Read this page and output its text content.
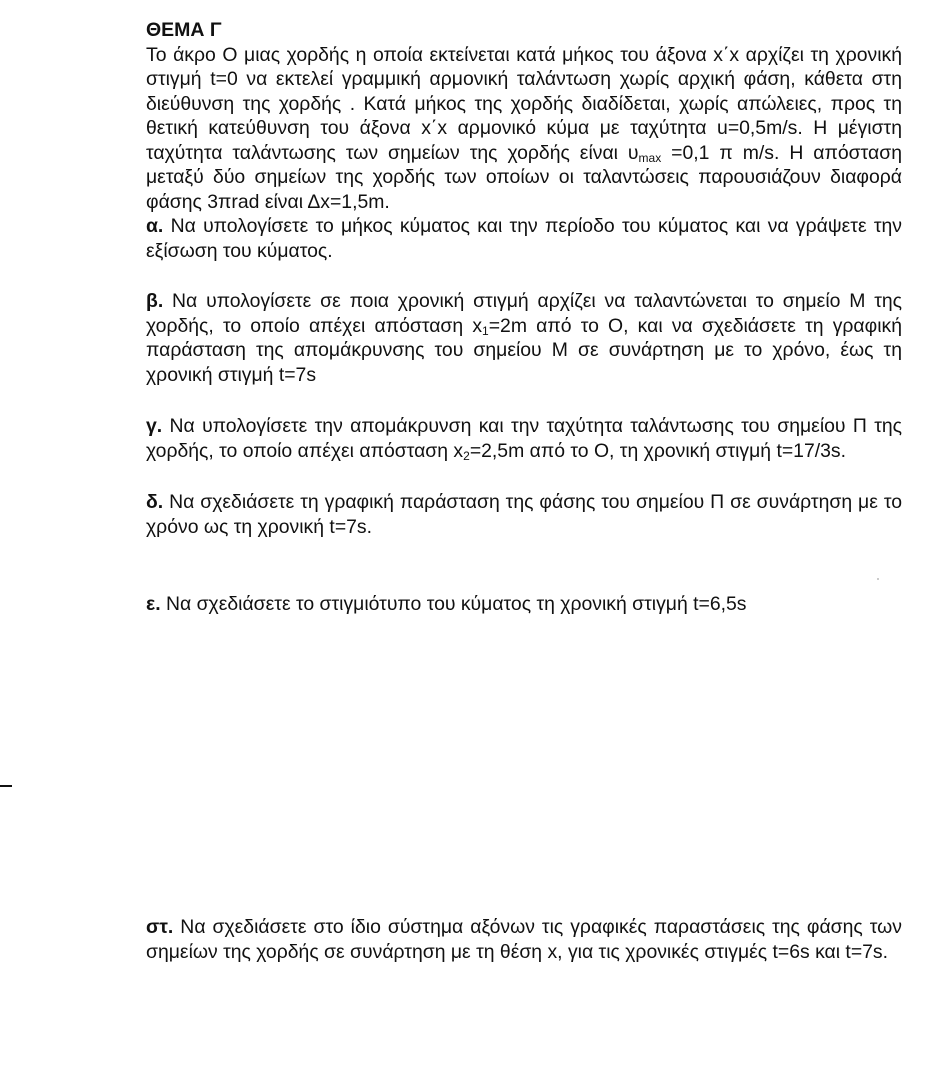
ΘΕΜΑ Γ

Το άκρο Ο μιας χορδής η οποία εκτείνεται κατά μήκος του άξονα x΄x αρχίζει τη χρονική στιγμή t=0 να εκτελεί γραμμική αρμονική ταλάντωση χωρίς αρχική φάση, κάθετα στη διεύθυνση της χορδής . Κατά μήκος της χορδής διαδίδεται, χωρίς απώλειες, προς τη θετική κατεύθυνση του άξονα x΄x αρμονικό κύμα με ταχύτητα u=0,5m/s. Η μέγιστη ταχύτητα ταλάντωσης των σημείων της χορδής είναι $\upsilon_{max} =0,1$ π m/s. Η απόσταση μεταξύ δύο σημείων της χορδής των οποίων οι ταλαντώσεις παρουσιάζουν διαφορά φάσης 3πrad είναι Δx=1,5m.

α. Να υπολογίσετε το μήκος κύματος και την περίοδο του κύματος και να γράψετε την εξίσωση του κύματος.

β. Να υπολογίσετε σε ποια χρονική στιγμή αρχίζει να ταλαντώνεται το σημείο Μ της χορδής, το οποίο απέχει απόσταση $x_1=2m$ από το Ο, και να σχεδιάσετε τη γραφική παράσταση της απομάκρυνσης του σημείου Μ σε συνάρτηση με το χρόνο, έως τη χρονική στιγμή t=7s

γ. Να υπολογίσετε την απομάκρυνση και την ταχύτητα ταλάντωσης του σημείου Π της χορδής, το οποίο απέχει απόσταση $x_2=2,5m$ από το Ο, τη χρονική στιγμή t=17/3s.

δ. Να σχεδιάσετε τη γραφική παράσταση της φάσης του σημείου Π σε συνάρτηση με το χρόνο ως τη χρονική t=7s.

ε. Να σχεδιάσετε το στιγμιότυπο του κύματος τη χρονική στιγμή t=6,5s

στ. Να σχεδιάσετε στο ίδιο σύστημα αξόνων τις γραφικές παραστάσεις της φάσης των σημείων της χορδής σε συνάρτηση με τη θέση x, για τις χρονικές στιγμές t=6s και t=7s.
